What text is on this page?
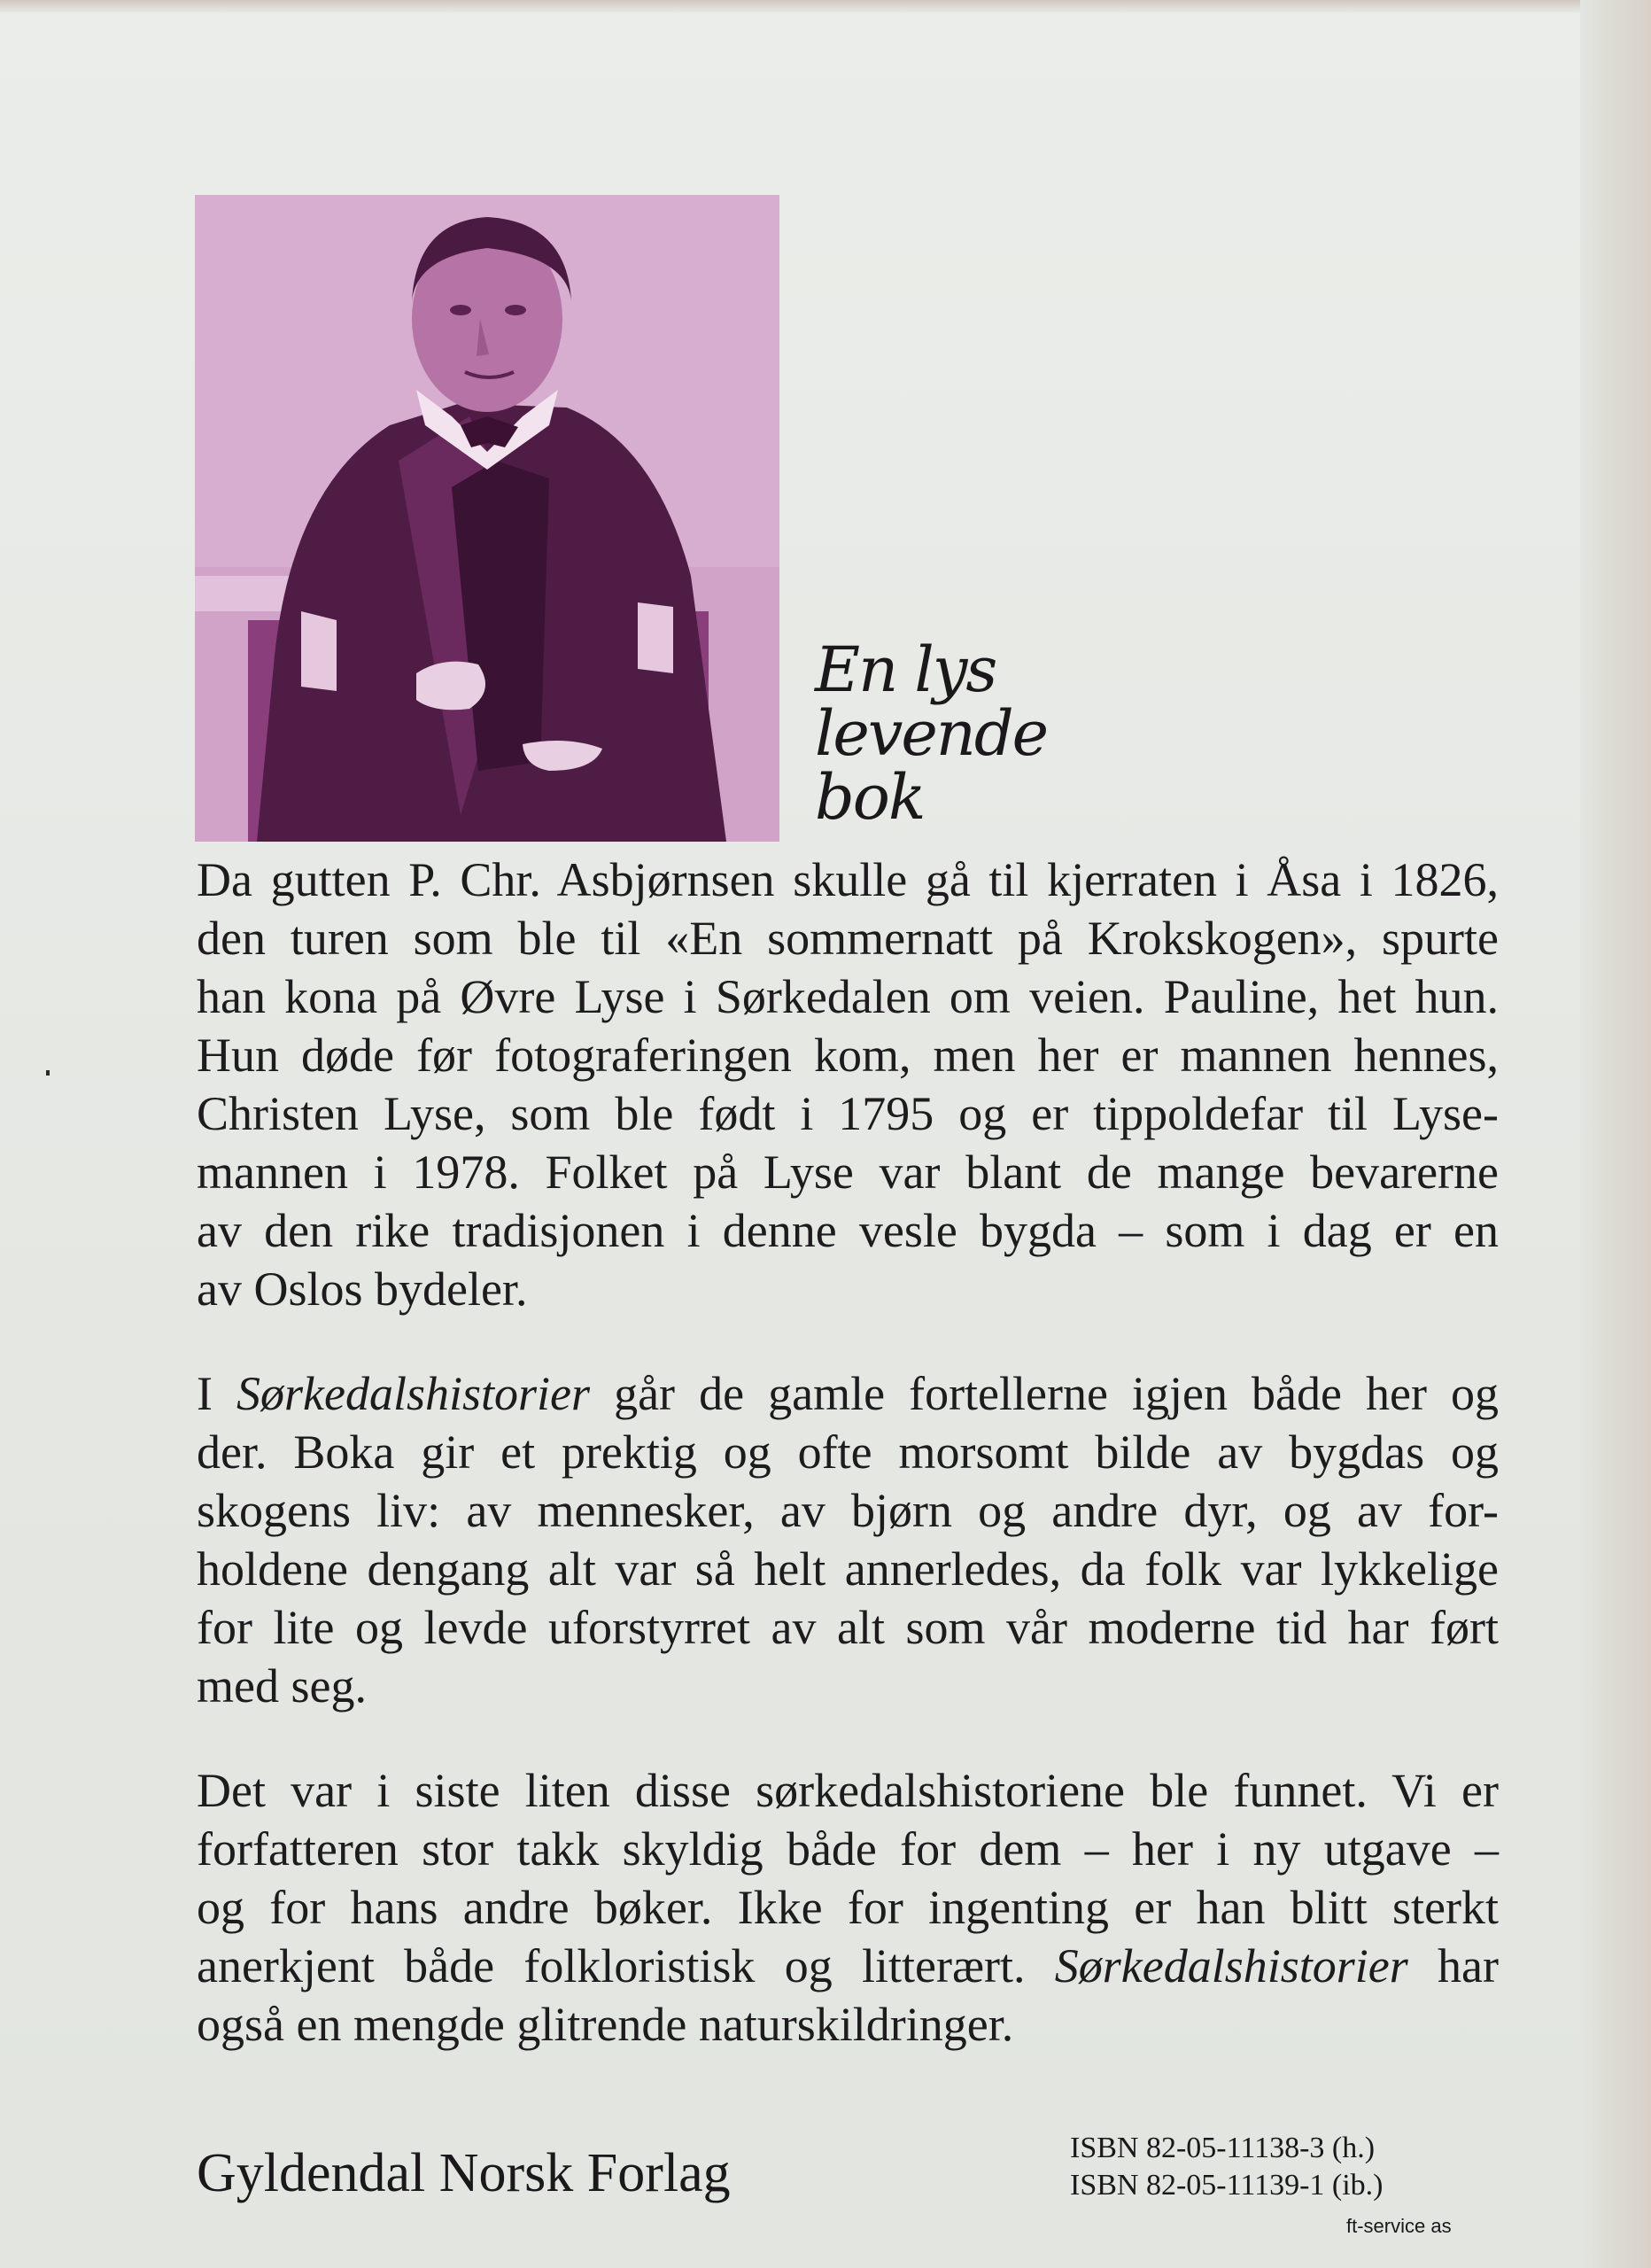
En lys
levende
bok

Da gutten P. Chr. Asbjørnsen skulle gå til kjerraten i Åsa i 1826,
den turen som ble til «En sommernatt på Krokskogen», spurte
han kona på Øvre Lyse i Sørkedalen om veien. Pauline, het hun.
Hun døde før fotograferingen kom, men her er mannen hennes,
Christen Lyse, som ble født i 1795 og er tippoldefar til Lyse-
mannen i 1978. Folket på Lyse var blant de mange bevarerne
av den rike tradisjonen i denne vesle bygda – som i dag er en
av Oslos bydeler.

I Sørkedalshistorier går de gamle fortellerne igjen både her og
der. Boka gir et prektig og ofte morsomt bilde av bygdas og
skogens liv: av mennesker, av bjørn og andre dyr, og av for-
holdene dengang alt var så helt annerledes, da folk var lykkelige
for lite og levde uforstyrret av alt som vår moderne tid har ført
med seg.

Det var i siste liten disse sørkedalshistoriene ble funnet. Vi er
forfatteren stor takk skyldig både for dem – her i ny utgave –
og for hans andre bøker. Ikke for ingenting er han blitt sterkt
anerkjent både folkloristisk og litterært. Sørkedalshistorier har
også en mengde glitrende naturskildringer.

Gyldendal Norsk Forlag	ISBN 82-05-11138-3 (h.)
ISBN 82-05-11139-1 (ib.)
ft-service as
